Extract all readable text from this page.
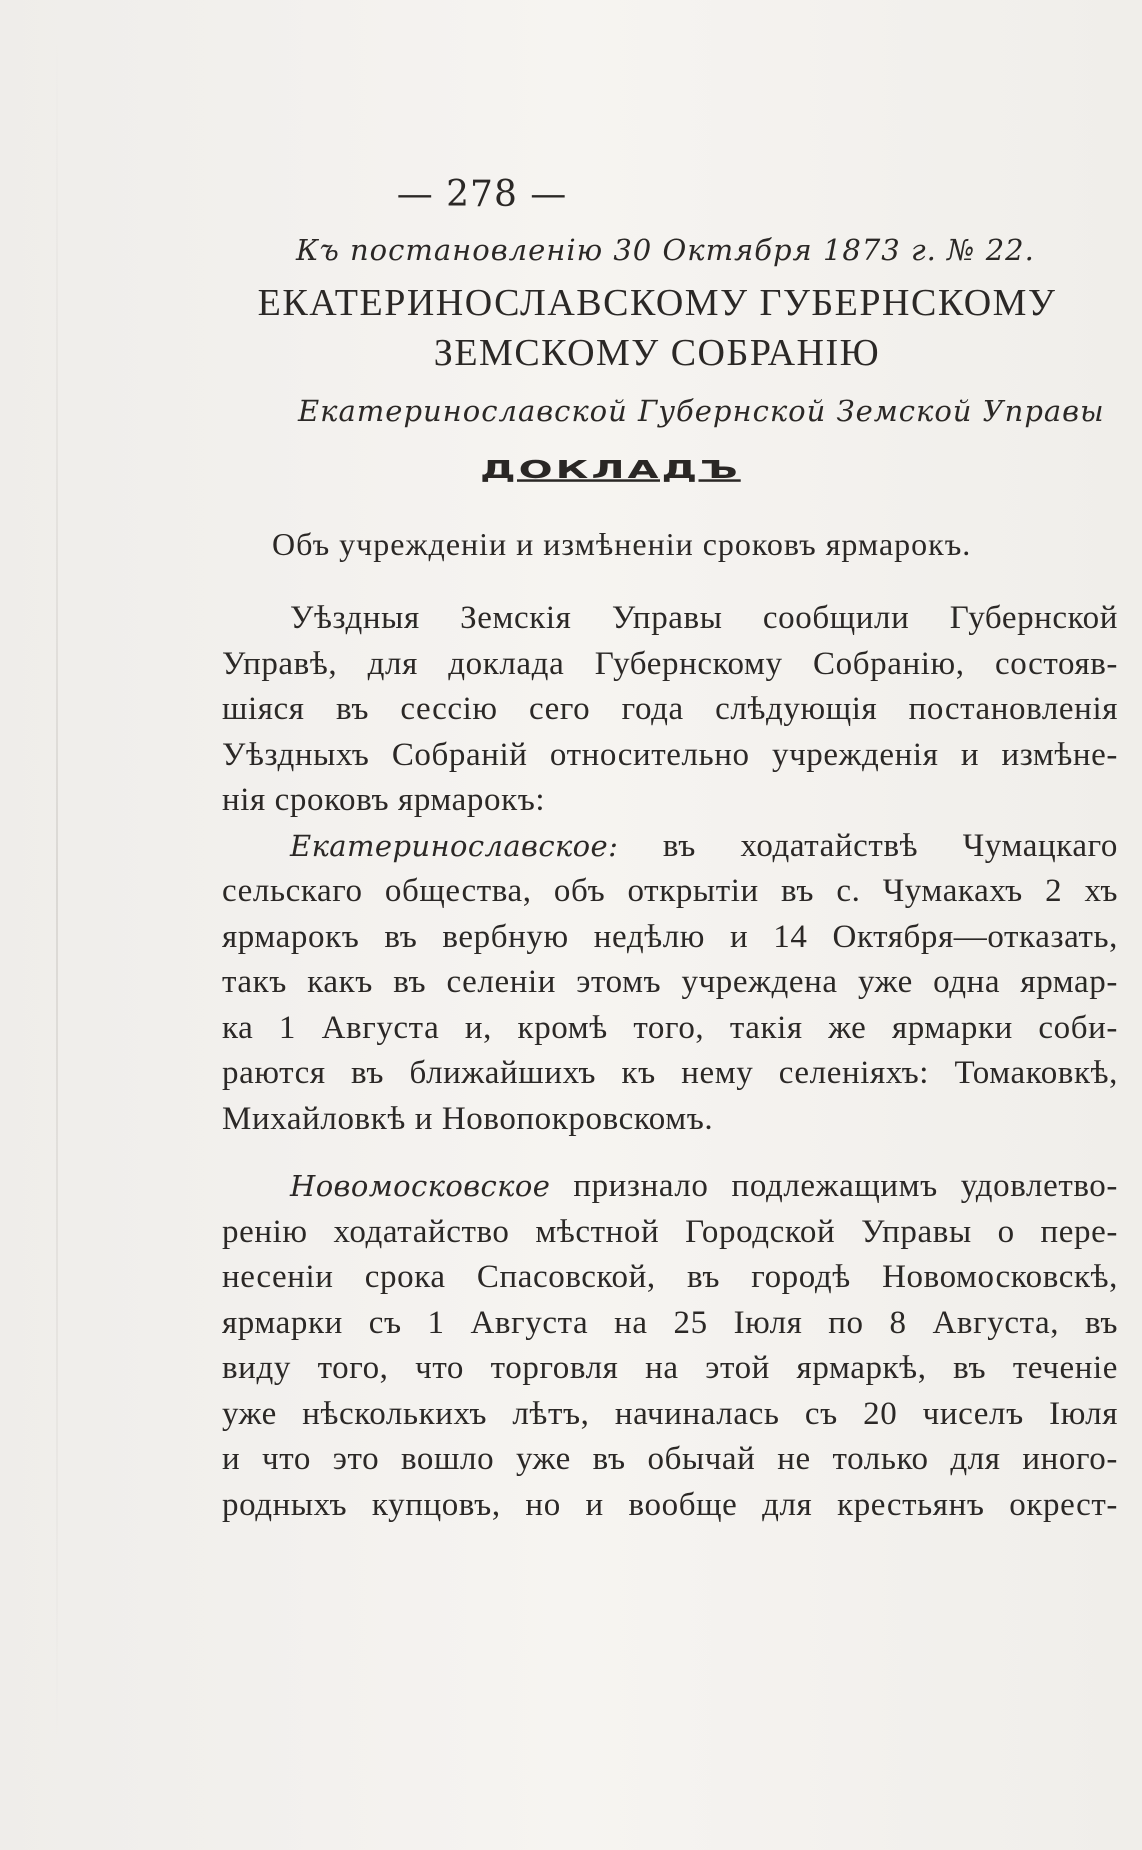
— 278 —
Къ постановленію 30 Октября 1873 г. № 22.
ЕКАТЕРИНОСЛАВСКОМУ ГУБЕРНСКОМУ
ЗЕМСКОМУ СОБРАНІЮ
Екатеринославской Губернской Земской Управы
ДОКЛАДЪ
Объ учрежденіи и измѣненіи сроковъ ярмарокъ.
Уѣздныя Земскія Управы сообщили Губернской
Управѣ, для доклада Губернскому Собранію, состояв-
шіяся въ сессію сего года слѣдующія постановленія
Уѣздныхъ Собраній относительно учрежденія и измѣне-
нія сроковъ ярмарокъ:
Екатеринославское: въ ходатайствѣ Чумацкаго
сельскаго общества, объ открытіи въ с. Чумакахъ 2 хъ
ярмарокъ въ вербную недѣлю и 14 Октября—отказать,
такъ какъ въ селеніи этомъ учреждена уже одна ярмар-
ка 1 Августа и, кромѣ того, такія же ярмарки соби-
раются въ ближайшихъ къ нему селеніяхъ: Томаковкѣ,
Михайловкѣ и Новопокровскомъ.
Новомосковское признало подлежащимъ удовлетво-
ренію ходатайство мѣстной Городской Управы о пере-
несеніи срока Спасовской, въ городѣ Новомосковскѣ,
ярмарки съ 1 Августа на 25 Іюля по 8 Августа, въ
виду того, что торговля на этой ярмаркѣ, въ теченіе
уже нѣсколькихъ лѣтъ, начиналась съ 20 чиселъ Іюля
и что это вошло уже въ обычай не только для иного-
родныхъ купцовъ, но и вообще для крестьянъ окрест-
